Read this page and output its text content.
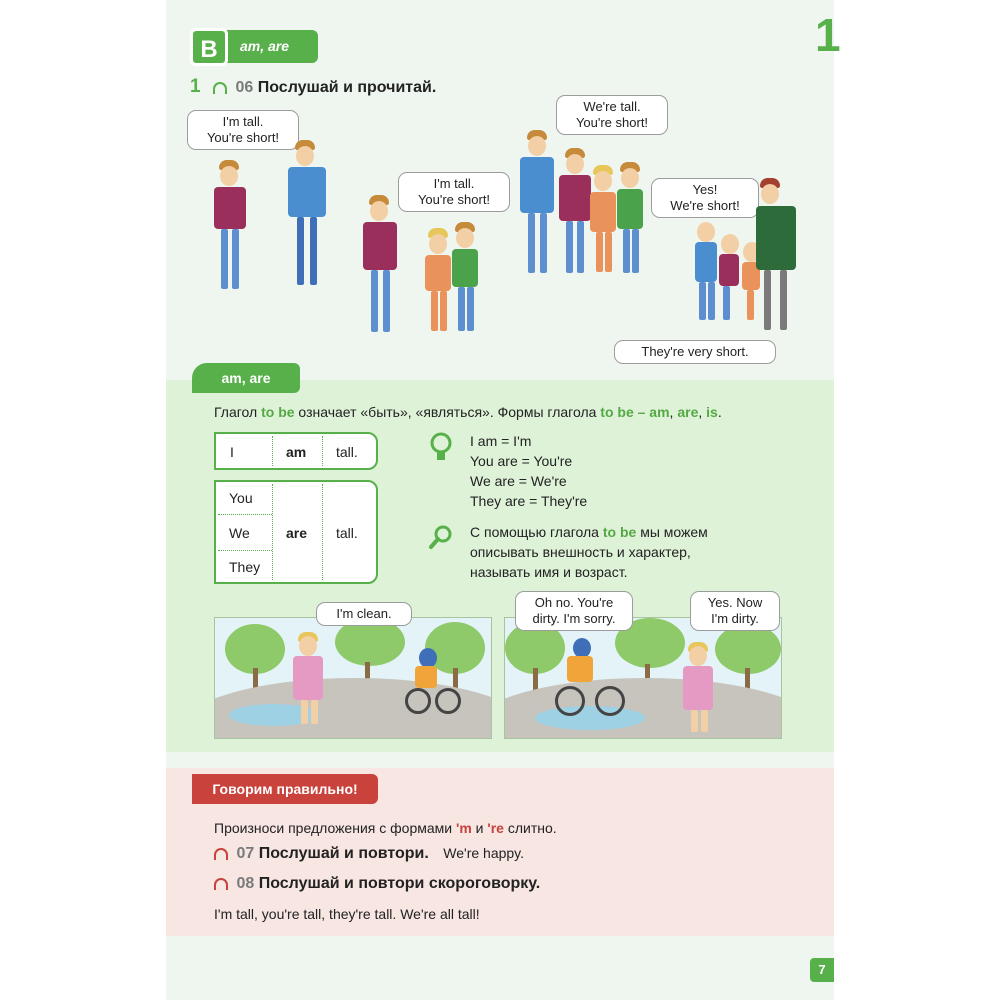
1
B	am, are
1 06 Послушай и прочитай.
I'm tall.
You're short!
I'm tall.
You're short!
We're tall.
You're short!
Yes!
We're short!
They're very short.
am, are
Глагол to be означает «быть», «являться». Формы глагола to be – am, are, is.
I	am tall.
You
We
They
are tall.
I am = I'm
You are = You're
We are = We're
They are = They're
С помощью глагола to be мы можем
описывать внешность и характер,
называть имя и возраст.
I'm clean.
Oh no. You're
dirty. I'm sorry.
Yes. Now
I'm dirty.
Говорим правильно!
Произноси предложения с формами 'm и 're слитно.
07 Послушай и повтори. We're happy.
08 Послушай и повтори скороговорку.
I'm tall, you're tall, they're tall. We're all tall!
7
